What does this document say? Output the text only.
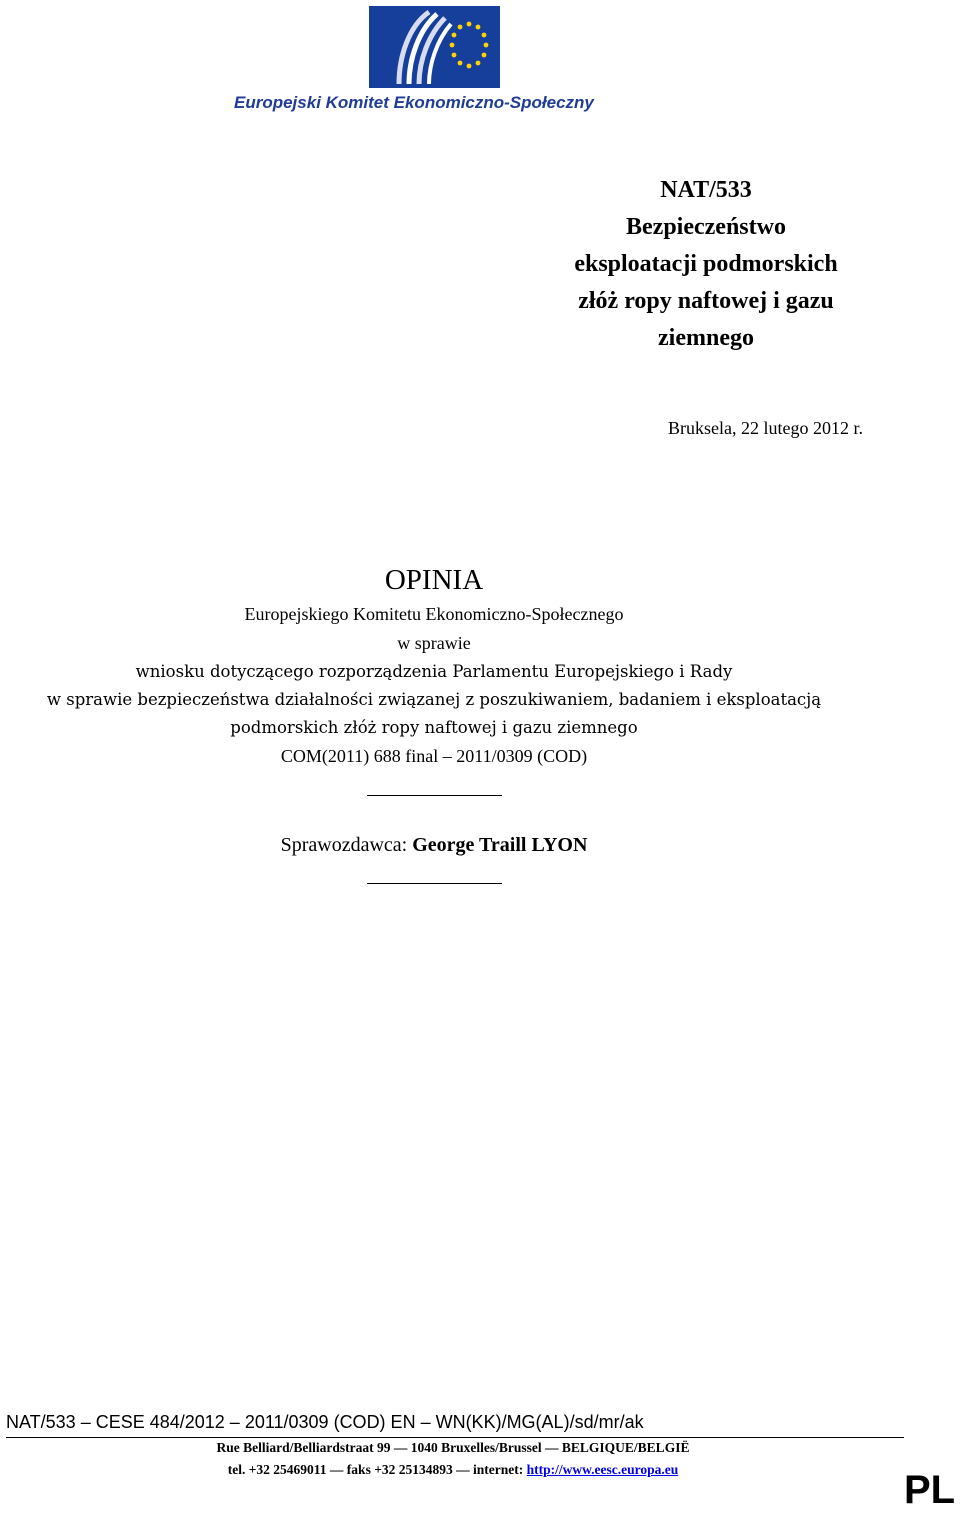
Europejski Komitet Ekonomiczno-Społeczny
NAT/533
Bezpieczeństwo
eksploatacji podmorskich
złóż ropy naftowej i gazu
ziemnego
Bruksela, 22 lutego 2012 r.
OPINIA
Europejskiego Komitetu Ekonomiczno-Społecznego
w sprawie
wniosku dotyczącego rozporządzenia Parlamentu Europejskiego i Rady
w sprawie bezpieczeństwa działalności związanej z poszukiwaniem, badaniem i eksploatacją
podmorskich złóż ropy naftowej i gazu ziemnego
COM(2011) 688 final – 2011/0309 (COD)
Sprawozdawca: George Traill LYON
NAT/533 – CESE 484/2012 – 2011/0309 (COD) EN – WN(KK)/MG(AL)/sd/mr/ak
Rue Belliard/Belliardstraat 99 — 1040 Bruxelles/Brussel — BELGIQUE/BELGIË
tel. +32 25469011 — faks +32 25134893 — internet: http://www.eesc.europa.eu	PL
